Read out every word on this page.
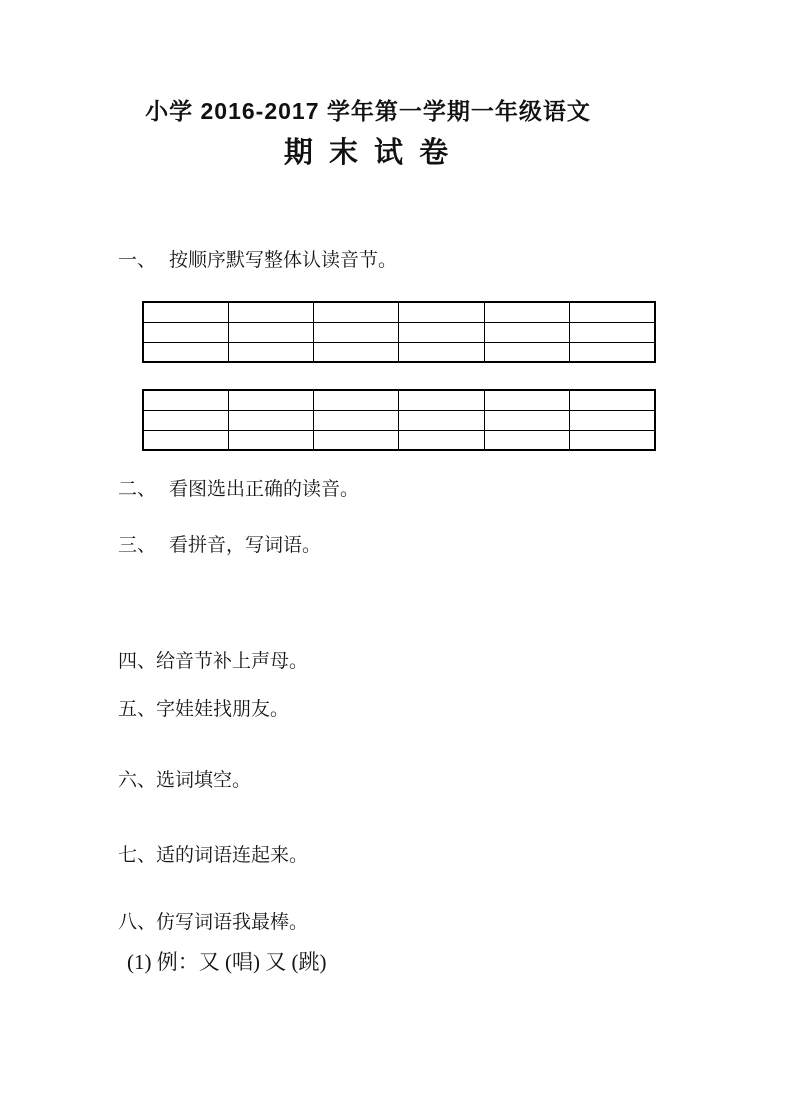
小学 2016-2017 学年第一学期一年级语文
期 末 试 卷
一、 按顺序默写整体认读音节。

二、 看图选出正确的读音。
三、 看拼音，写词语。
四、给音节补上声母。
五、字娃娃找朋友。
六、选词填空。
七、适的词语连起来。
八、仿写词语我最棒。
(1) 例：又 (唱) 又 (跳)
